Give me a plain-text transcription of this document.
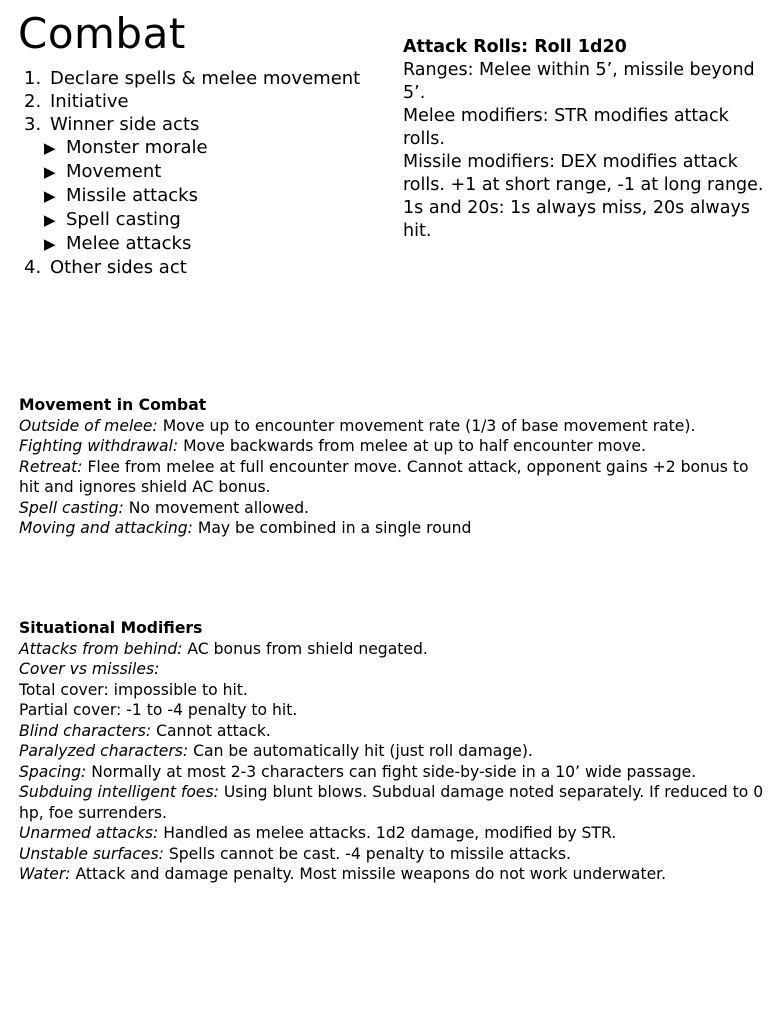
Combat
1. Declare spells & melee movement
2. Initiative
3. Winner side acts
▶ Monster morale
▶ Movement
▶ Missile attacks
▶ Spell casting
▶ Melee attacks
4. Other sides act

Attack Rolls: Roll 1d20

Ranges: Melee within 5’, missile beyond 5’.

Melee modifiers: STR modifies attack rolls.

Missile modifiers: DEX modifies attack rolls. +1 at short range, -1 at long range.

1s and 20s: 1s always miss, 20s always hit.

Movement in Combat

Outside of melee: Move up to encounter movement rate (1/3 of base movement rate).

Fighting withdrawal: Move backwards from melee at up to half encounter move.

Retreat: Flee from melee at full encounter move. Cannot attack, opponent gains +2 bonus to hit and ignores shield AC bonus.

Spell casting: No movement allowed.

Moving and attacking: May be combined in a single round

Situational Modifiers

Attacks from behind: AC bonus from shield negated.

Cover vs missiles:

Total cover: impossible to hit.

Partial cover: -1 to -4 penalty to hit.

Blind characters: Cannot attack.

Paralyzed characters: Can be automatically hit (just roll damage).

Spacing: Normally at most 2-3 characters can fight side-by-side in a 10’ wide passage.

Subduing intelligent foes: Using blunt blows. Subdual damage noted separately. If reduced to 0 hp, foe surrenders.

Unarmed attacks: Handled as melee attacks. 1d2 damage, modified by STR.

Unstable surfaces: Spells cannot be cast. -4 penalty to missile attacks.

Water: Attack and damage penalty. Most missile weapons do not work underwater.
